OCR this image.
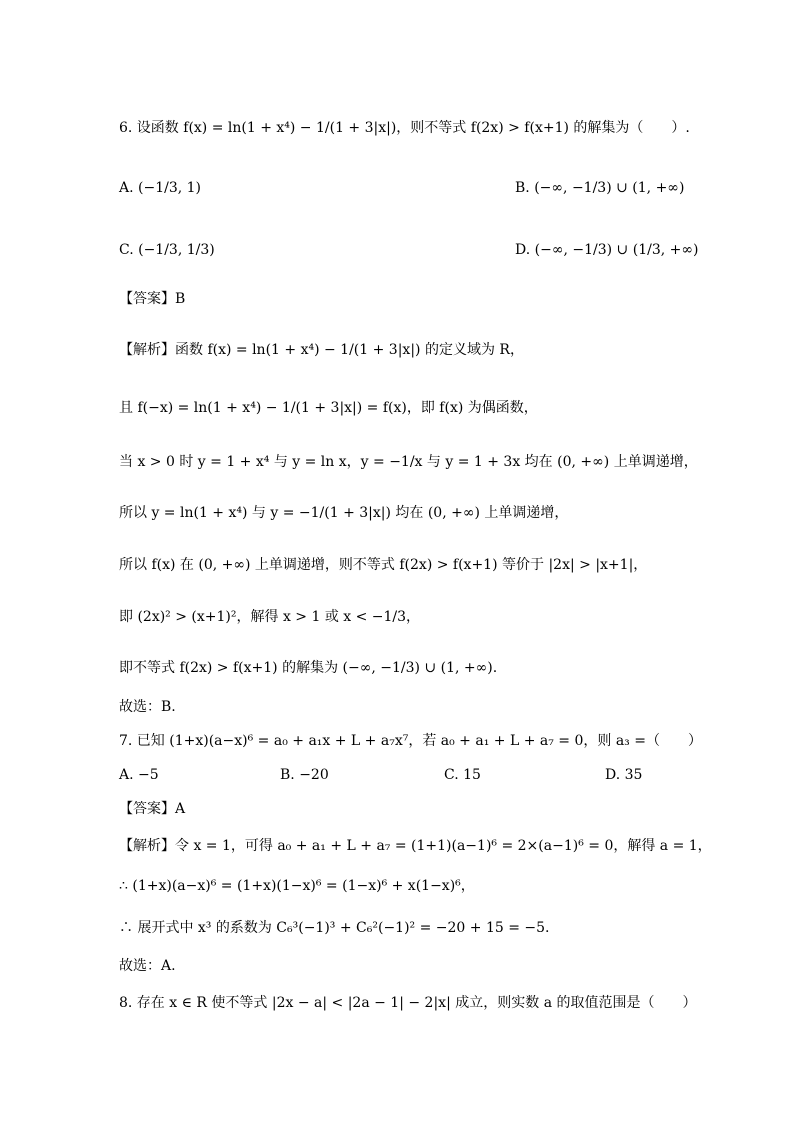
6. 设函数 f(x) = ln(1 + x⁴) − 1/(1 + 3|x|)，则不等式 f(2x) > f(x+1) 的解集为（　　）.
A. (−1/3, 1)	B. (−∞, −1/3) ∪ (1, +∞)
C. (−1/3, 1/3)	D. (−∞, −1/3) ∪ (1/3, +∞)
【答案】B
【解析】函数 f(x) = ln(1 + x⁴) − 1/(1 + 3|x|) 的定义域为 R，
且 f(−x) = ln(1 + x⁴) − 1/(1 + 3|x|) = f(x)，即 f(x) 为偶函数，
当 x > 0 时 y = 1 + x⁴ 与 y = ln x，y = −1/x 与 y = 1 + 3x 均在 (0, +∞) 上单调递增，
所以 y = ln(1 + x⁴) 与 y = −1/(1 + 3|x|) 均在 (0, +∞) 上单调递增，
所以 f(x) 在 (0, +∞) 上单调递增，则不等式 f(2x) > f(x+1) 等价于 |2x| > |x+1|，
即 (2x)² > (x+1)²，解得 x > 1 或 x < −1/3，
即不等式 f(2x) > f(x+1) 的解集为 (−∞, −1/3) ∪ (1, +∞).
故选：B.
7. 已知 (1+x)(a−x)⁶ = a₀ + a₁x + L + a₇x⁷，若 a₀ + a₁ + L + a₇ = 0，则 a₃ =（　　）
A. −5	B. −20	C. 15	D. 35
【答案】A
【解析】令 x = 1，可得 a₀ + a₁ + L + a₇ = (1+1)(a−1)⁶ = 2×(a−1)⁶ = 0，解得 a = 1，
∴ (1+x)(a−x)⁶ = (1+x)(1−x)⁶ = (1−x)⁶ + x(1−x)⁶，
∴ 展开式中 x³ 的系数为 C₆³(−1)³ + C₆²(−1)² = −20 + 15 = −5.
故选：A.
8. 存在 x ∈ R 使不等式 |2x − a| < |2a − 1| − 2|x| 成立，则实数 a 的取值范围是（　　）
